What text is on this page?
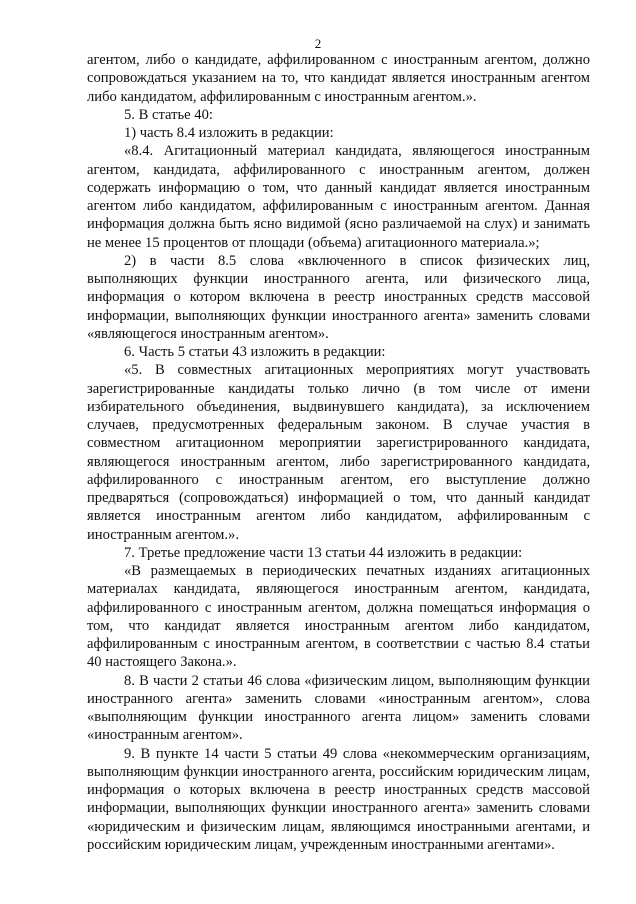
2

агентом, либо о кандидате, аффилированном с иностранным агентом, должно сопровождаться указанием на то, что кандидат является иностранным агентом либо кандидатом, аффилированным с иностранным агентом.».

5. В статье 40:

1) часть 8.4 изложить в редакции:

«8.4. Агитационный материал кандидата, являющегося иностранным агентом, кандидата, аффилированного с иностранным агентом, должен содержать информацию о том, что данный кандидат является иностранным агентом либо кандидатом, аффилированным с иностранным агентом. Данная информация должна быть ясно видимой (ясно различаемой на слух) и занимать не менее 15 процентов от площади (объема) агитационного материала.»;

2) в части 8.5 слова «включенного в список физических лиц, выполняющих функции иностранного агента, или физического лица, информация о котором включена в реестр иностранных средств массовой информации, выполняющих функции иностранного агента» заменить словами «являющегося иностранным агентом».

6. Часть 5 статьи 43 изложить в редакции:

«5. В совместных агитационных мероприятиях могут участвовать зарегистрированные кандидаты только лично (в том числе от имени избирательного объединения, выдвинувшего кандидата), за исключением случаев, предусмотренных федеральным законом. В случае участия в совместном агитационном мероприятии зарегистрированного кандидата, являющегося иностранным агентом, либо зарегистрированного кандидата, аффилированного с иностранным агентом, его выступление должно предваряться (сопровождаться) информацией о том, что данный кандидат является иностранным агентом либо кандидатом, аффилированным с иностранным агентом.».

7. Третье предложение части 13 статьи 44 изложить в редакции:

«В размещаемых в периодических печатных изданиях агитационных материалах кандидата, являющегося иностранным агентом, кандидата, аффилированного с иностранным агентом, должна помещаться информация о том, что кандидат является иностранным агентом либо кандидатом, аффилированным с иностранным агентом, в соответствии с частью 8.4 статьи 40 настоящего Закона.».

8. В части 2 статьи 46 слова «физическим лицом, выполняющим функции иностранного агента» заменить словами «иностранным агентом», слова «выполняющим функции иностранного агента лицом» заменить словами «иностранным агентом».

9. В пункте 14 части 5 статьи 49 слова «некоммерческим организациям, выполняющим функции иностранного агента, российским юридическим лицам, информация о которых включена в реестр иностранных средств массовой информации, выполняющих функции иностранного агента» заменить словами «юридическим и физическим лицам, являющимся иностранными агентами, и российским юридическим лицам, учрежденным иностранными агентами».
